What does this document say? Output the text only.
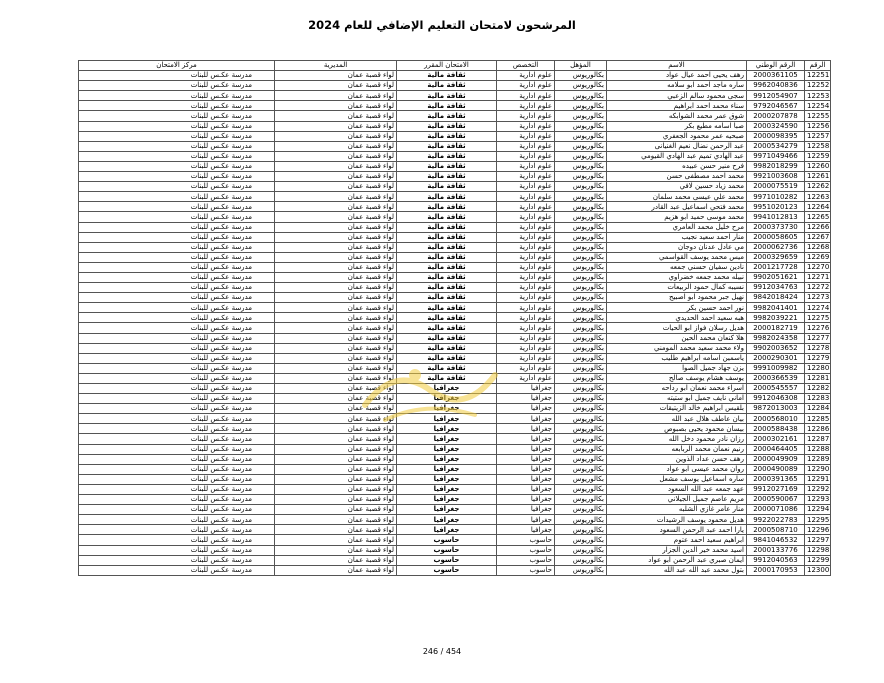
المرشحون لامتحان التعليم الإضافي للعام 2024
الرقم	الرقم الوطني	الاسم	المؤهل	التخصص	الامتحان المقرر	المديرية	مركز الامتحان
12251	2000361105	رهف يحيى احمد عيال عواد	بكالوريوس	علوم ادارية	ثقافة مالية	لواء قصبة عمان	مدرسة عكـس للبنات
12252	9962040836	ساره ماجد احمد ابو سلامه	بكالوريوس	علوم ادارية	ثقافة مالية	لواء قصبة عمان	مدرسة عكـس للبنات
12253	9912054907	سجى محمود سالم الزعبي	بكالوريوس	علوم ادارية	ثقافة مالية	لواء قصبة عمان	مدرسة عكـس للبنات
12254	9792046567	سناء محمد احمد ابراهيم	بكالوريوس	علوم ادارية	ثقافة مالية	لواء قصبة عمان	مدرسة عكـس للبنات
12255	2000207878	شوق عمر محمد الشوابكه	بكالوريوس	علوم ادارية	ثقافة مالية	لواء قصبة عمان	مدرسة عكـس للبنات
12256	2000324590	صبا اسامه مطيع بكر	بكالوريوس	علوم ادارية	ثقافة مالية	لواء قصبة عمان	مدرسة عكـس للبنات
12257	2000098395	صبحيه عمر محمود الجعفري	بكالوريوس	علوم ادارية	ثقافة مالية	لواء قصبة عمان	مدرسة عكـس للبنات
12258	2000534279	عبد الرحمن نضال نعيم الغنيانى	بكالوريوس	علوم ادارية	ثقافة مالية	لواء قصبة عمان	مدرسة عكـس للبنات
12259	9971049466	عبد الهادي تميم عبد الهادي القيومي	بكالوريوس	علوم ادارية	ثقافة مالية	لواء قصبة عمان	مدرسة عكـس للبنات
12260	9982018299	فرح منير حسن عبيده	بكالوريوس	علوم ادارية	ثقافة مالية	لواء قصبة عمان	مدرسة عكـس للبنات
12261	9921003608	محمد احمد مصطفى حسن	بكالوريوس	علوم ادارية	ثقافة مالية	لواء قصبة عمان	مدرسة عكـس للبنات
12262	2000075519	محمد زياد حسين لافي	بكالوريوس	علوم ادارية	ثقافة مالية	لواء قصبة عمان	مدرسة عكـس للبنات
12263	9971010282	محمد علي عيسى محمد سلمان	بكالوريوس	علوم ادارية	ثقافة مالية	لواء قصبة عمان	مدرسة عكـس للبنات
12264	9951020123	محمد فتحي اسماعيل عبد القادر	بكالوريوس	علوم ادارية	ثقافة مالية	لواء قصبة عمان	مدرسة عكـس للبنات
12265	9941012813	محمد موسى حميد ابو هزيم	بكالوريوس	علوم ادارية	ثقافة مالية	لواء قصبة عمان	مدرسة عكـس للبنات
12266	2000373730	مرح خليل محمد العامري	بكالوريوس	علوم ادارية	ثقافة مالية	لواء قصبة عمان	مدرسة عكـس للبنات
12267	2000058605	منار احمد سعيد نجيب	بكالوريوس	علوم ادارية	ثقافة مالية	لواء قصبة عمان	مدرسة عكـس للبنات
12268	2000062736	مي عادل عدنان دوجان	بكالوريوس	علوم ادارية	ثقافة مالية	لواء قصبة عمان	مدرسة عكـس للبنات
12269	2000329659	ميس محمد يوسف القواسمي	بكالوريوس	علوم ادارية	ثقافة مالية	لواء قصبة عمان	مدرسة عكـس للبنات
12270	2001217728	نادين سفيان حسني جمعه	بكالوريوس	علوم ادارية	ثقافة مالية	لواء قصبة عمان	مدرسة عكـس للبنات
12271	9902051621	نبيله محمد جمعه خضراوي	بكالوريوس	علوم ادارية	ثقافة مالية	لواء قصبة عمان	مدرسة عكـس للبنات
12272	9912034763	نسيبه كمال حمود الربيعات	بكالوريوس	علوم ادارية	ثقافة مالية	لواء قصبة عمان	مدرسة عكـس للبنات
12273	9842018424	نهيل جبر محمود ابو اصبيح	بكالوريوس	علوم ادارية	ثقافة مالية	لواء قصبة عمان	مدرسة عكـس للبنات
12274	9982041401	نور احمد حسين بكر	بكالوريوس	علوم ادارية	ثقافة مالية	لواء قصبة عمان	مدرسة عكـس للبنات
12275	9982039221	هبه سعيد احمد الحديدي	بكالوريوس	علوم ادارية	ثقافة مالية	لواء قصبة عمان	مدرسة عكـس للبنات
12276	2000182719	هديل رسلان فواز ابو الحيات	بكالوريوس	علوم ادارية	ثقافة مالية	لواء قصبة عمان	مدرسة عكـس للبنات
12277	9982024358	هلا كنعان محمد الحين	بكالوريوس	علوم ادارية	ثقافة مالية	لواء قصبة عمان	مدرسة عكـس للبنات
12278	9902003652	ولاء محمد سعيد محمد المومني	بكالوريوس	علوم ادارية	ثقافة مالية	لواء قصبة عمان	مدرسة عكـس للبنات
12279	2000290301	ياسمين اسامه ابراهيم طليب	بكالوريوس	علوم ادارية	ثقافة مالية	لواء قصبة عمان	مدرسة عكـس للبنات
12280	9991009982	يزن جهاد جميل الصوا	بكالوريوس	علوم ادارية	ثقافة مالية	لواء قصبة عمان	مدرسة عكـس للبنات
12281	2000366539	يوسف هشام يوسف صالح	بكالوريوس	علوم ادارية	ثقافة مالية	لواء قصبة عمان	مدرسة عكـس للبنات
12282	2000545557	اسراء محمد نعمان ابو رداحه	بكالوريوس	جغرافيا	جغرافيا	لواء قصبة عمان	مدرسة عكـس للبنات
12283	9912046308	اماني نايف جميل ابو ستيته	بكالوريوس	جغرافيا	جغرافيا	لواء قصبة عمان	مدرسة عكـس للبنات
12284	9872013003	بلقيس ابراهيم خالد الزيتيقات	بكالوريوس	جغرافيا	جغرافيا	لواء قصبة عمان	مدرسة عكـس للبنات
12285	2000568010	بيان عاطف هلال عبد الله	بكالوريوس	جغرافيا	جغرافيا	لواء قصبة عمان	مدرسة عكـس للبنات
12286	2000588438	بيسان محمود يحيى بصبوص	بكالوريوس	جغرافيا	جغرافيا	لواء قصبة عمان	مدرسة عكـس للبنات
12287	2000302161	رزان نادر محمود دخل الله	بكالوريوس	جغرافيا	جغرافيا	لواء قصبة عمان	مدرسة عكـس للبنات
12288	2000464405	رنيم نعمان محمد الربابعه	بكالوريوس	جغرافيا	جغرافيا	لواء قصبة عمان	مدرسة عكـس للبنات
12289	2000049909	رهف حسن عداد الذوين	بكالوريوس	جغرافيا	جغرافيا	لواء قصبة عمان	مدرسة عكـس للبنات
12290	2000490089	روان محمد عيسى ابو عواد	بكالوريوس	جغرافيا	جغرافيا	لواء قصبة عمان	مدرسة عكـس للبنات
12291	2000391365	ساره اسماعيل يوسف مشعل	بكالوريوس	جغرافيا	جغرافيا	لواء قصبة عمان	مدرسة عكـس للبنات
12292	9912027169	عهد جمعه عبد الله السعود	بكالوريوس	جغرافيا	جغرافيا	لواء قصبة عمان	مدرسة عكـس للبنات
12293	2000590067	مريم عاصم جميل الجيلاني	بكالوريوس	جغرافيا	جغرافيا	لواء قصبة عمان	مدرسة عكـس للبنات
12294	2000071086	منار عامر غازي الشلبه	بكالوريوس	جغرافيا	جغرافيا	لواء قصبة عمان	مدرسة عكـس للبنات
12295	9922022783	هديل محمود يوسف الرشيدات	بكالوريوس	جغرافيا	جغرافيا	لواء قصبة عمان	مدرسة عكـس للبنات
12296	2000508710	يارا احمد عبد الرحمن السعود	بكالوريوس	جغرافيا	جغرافيا	لواء قصبة عمان	مدرسة عكـس للبنات
12297	9841046532	ابراهيم سعيد احمد عتوم	بكالوريوس	حاسوب	حاسوب	لواء قصبة عمان	مدرسة عكـس للبنات
12298	2000133776	اسيد محمد خير الدين الجزار	بكالوريوس	حاسوب	حاسوب	لواء قصبة عمان	مدرسة عكـس للبنات
12299	9912040563	ايمان صبري عبد الرحمن ابو عواد	بكالوريوس	حاسوب	حاسوب	لواء قصبة عمان	مدرسة عكـس للبنات
12300	2000170953	بتول محمد عبد الله عبد الله	بكالوريوس	حاسوب	حاسوب	لواء قصبة عمان	مدرسة عكـس للبنات
246 / 454
